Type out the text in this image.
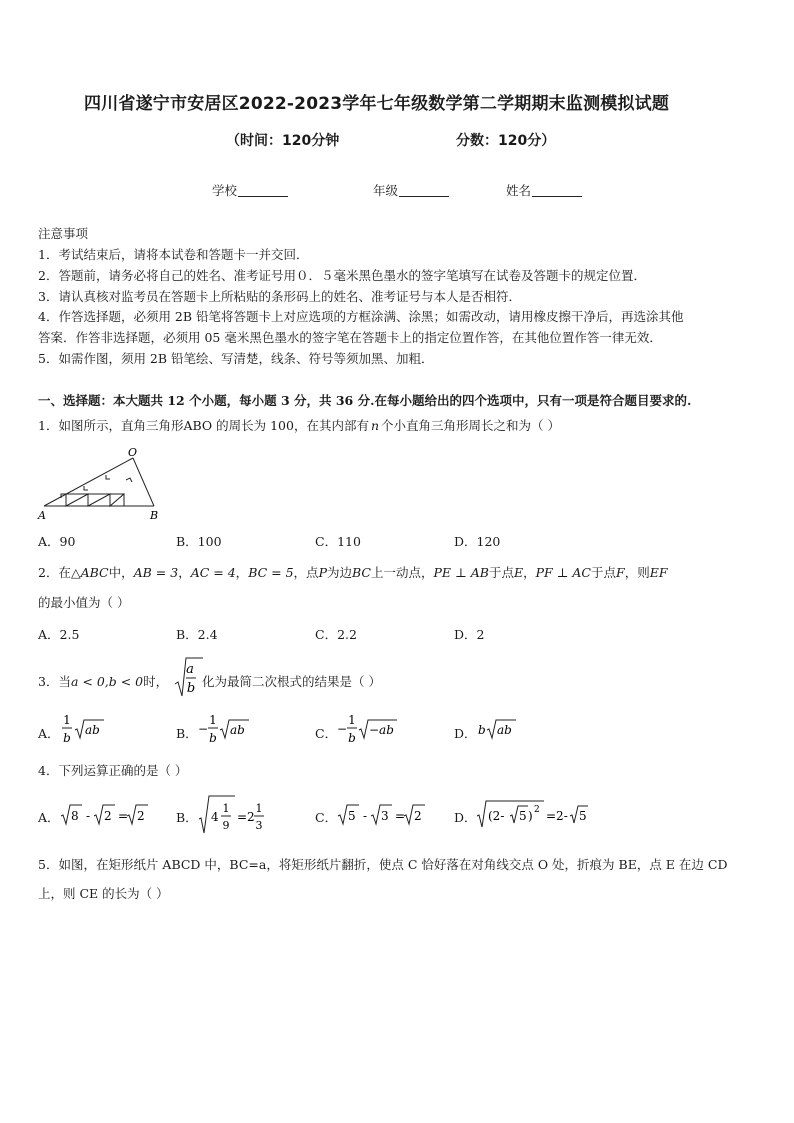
四川省遂宁市安居区2022-2023学年七年级数学第二学期期末监测模拟试题
（时间：120分钟	分数：120分）
学校	年级	姓名
注意事项
1．考试结束后，请将本试卷和答题卡一并交回．
2．答题前，请务必将自己的姓名、准考证号用０．５毫米黑色墨水的签字笔填写在试卷及答题卡的规定位置．
3．请认真核对监考员在答题卡上所粘贴的条形码上的姓名、准考证号与本人是否相符．
4．作答选择题，必须用 2B 铅笔将答题卡上对应选项的方框涂满、涂黑；如需改动，请用橡皮擦干净后，再选涂其他
答案．作答非选择题，必须用 05 毫米黑色墨水的签字笔在答题卡上的指定位置作答，在其他位置作答一律无效．
5．如需作图，须用 2B 铅笔绘、写清楚，线条、符号等须加黑、加粗．
一、选择题：本大题共 12 个小题，每小题 3 分，共 36 分.在每小题给出的四个选项中，只有一项是符合题目要求的.
1．如图所示，直角三角形ABO 的周长为 100，在其内部有 n 个小直角三角形周长之和为（ ）
O
A	B
A．90	B．100	C．110	D．120
2．在△ABC中，AB = 3，AC = 4，BC = 5，点P为边BC上一动点，PE ⊥ AB于点E，PF ⊥ AC于点F，则EF
的最小值为（ ）
A．2.5	B．2.4	C．2.2	D．2
3．当a < 0,b < 0时，
a
b 化为最简二次根式的结果是（ ）
A．
1
b
ab	B． −
1
b
ab	C． −
1
b
−ab	D． b ab
4．下列运算正确的是（ ）
A． 8 - 2 = 2	B． 4
1
9
=2
1
3
C． 5 - 3 = 2	D． (2- 5 ) 2 =2- 5
5．如图，在矩形纸片 ABCD 中，BC=a，将矩形纸片翻折，使点 C 恰好落在对角线交点 O 处，折痕为 BE，点 E 在边 CD
上，则 CE 的长为（ ）
